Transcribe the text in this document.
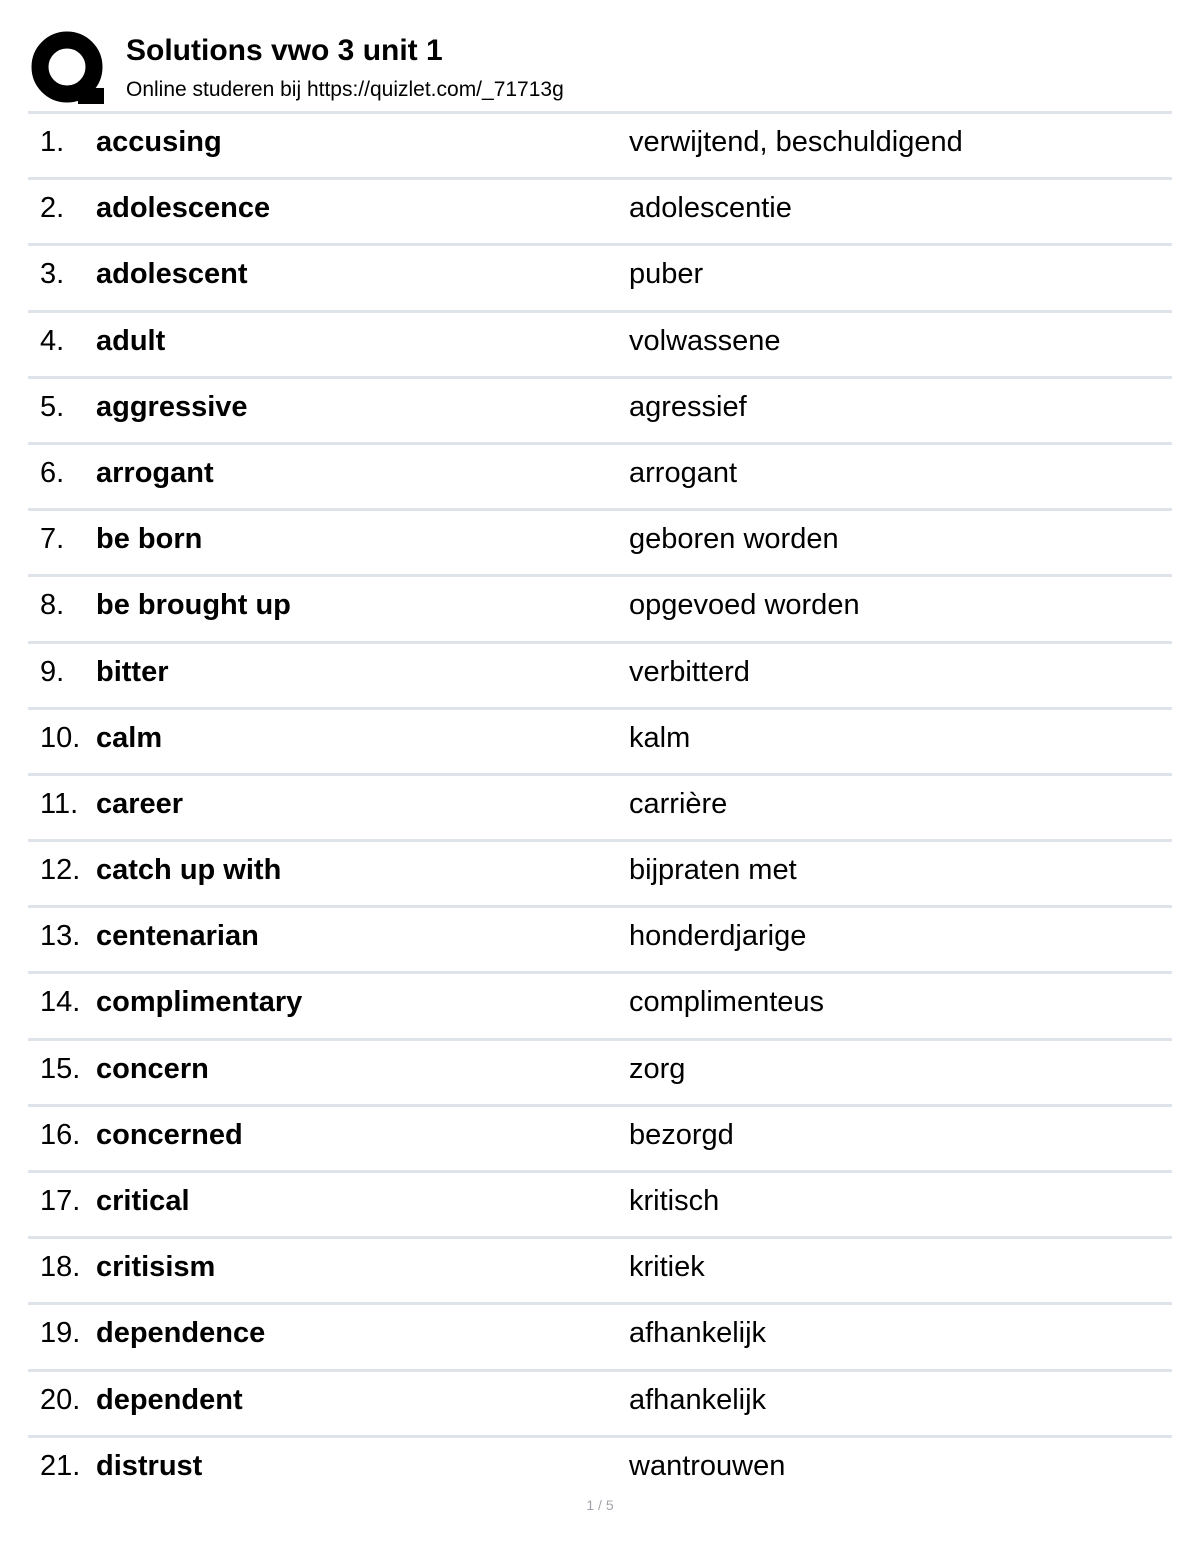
Solutions vwo 3 unit 1
Online studeren bij https://quizlet.com/_71713g
1. accusing	verwijtend, beschuldigend
2. adolescence	adolescentie
3. adolescent	puber
4. adult	volwassene
5. aggressive	agressief
6. arrogant	arrogant
7. be born	geboren worden
8. be brought up	opgevoed worden
9. bitter	verbitterd
10. calm	kalm
11. career	carrière
12. catch up with	bijpraten met
13. centenarian	honderdjarige
14. complimentary	complimenteus
15. concern	zorg
16. concerned	bezorgd
17. critical	kritisch
18. critisism	kritiek
19. dependence	afhankelijk
20. dependent	afhankelijk
21. distrust	wantrouwen
1 / 5
